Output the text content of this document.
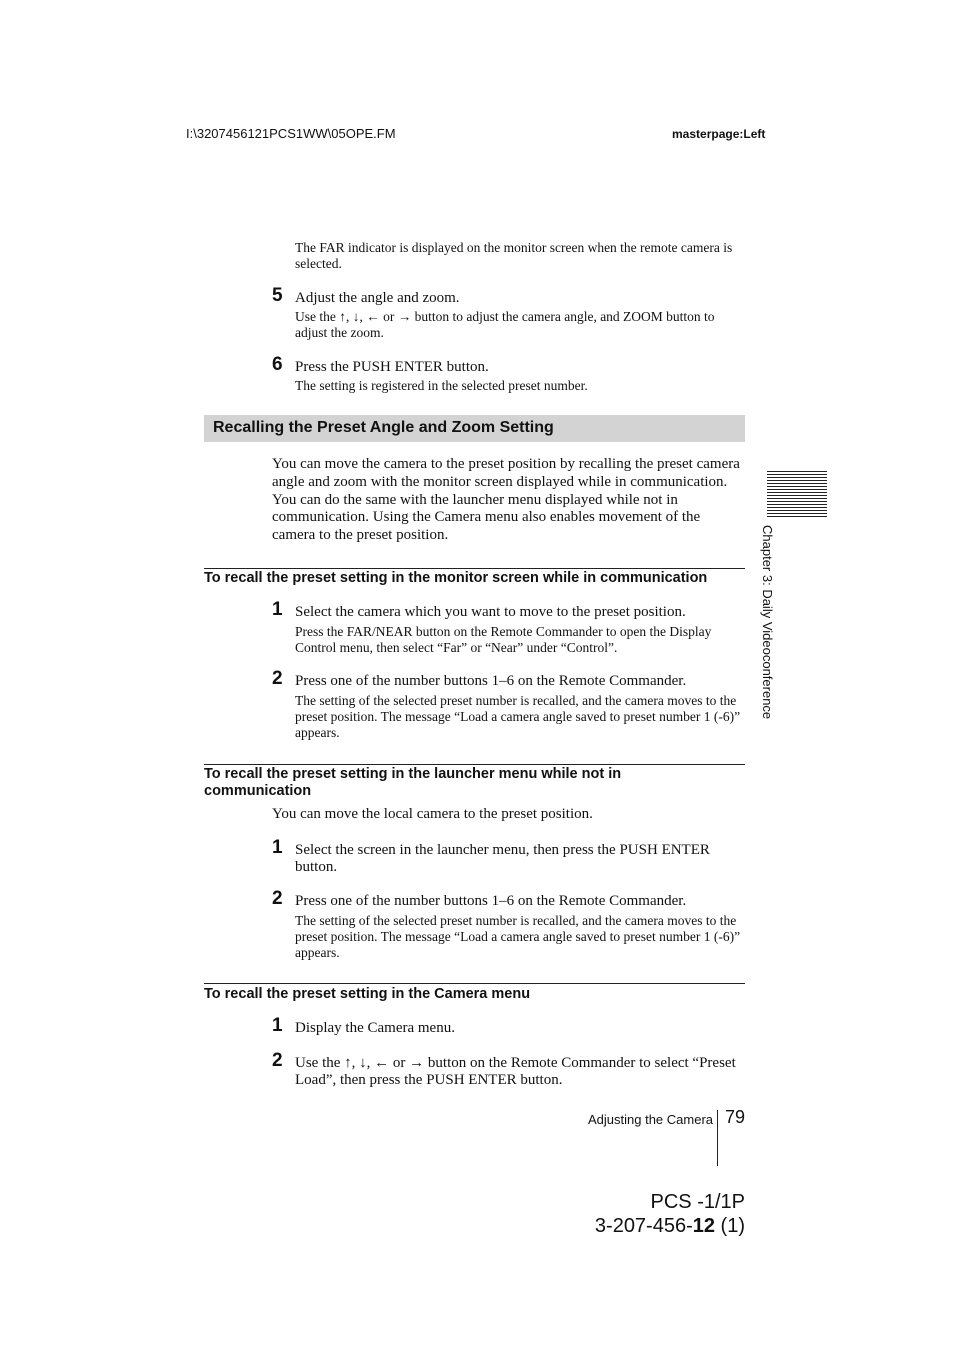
I:\3207456121PCS1WW\05OPE.FM	masterpage:Left
The FAR indicator is displayed on the monitor screen when the remote camera is selected.
5 Adjust the angle and zoom.
Use the ↑, ↓, ← or → button to adjust the camera angle, and ZOOM button to adjust the zoom.
6 Press the PUSH ENTER button.
The setting is registered in the selected preset number.
Recalling the Preset Angle and Zoom Setting
You can move the camera to the preset position by recalling the preset camera angle and zoom with the monitor screen displayed while in communication. You can do the same with the launcher menu displayed while not in communication. Using the Camera menu also enables movement of the camera to the preset position.
To recall the preset setting in the monitor screen while in communication
1 Select the camera which you want to move to the preset position.
Press the FAR/NEAR button on the Remote Commander to open the Display Control menu, then select “Far” or “Near” under “Control”.
2 Press one of the number buttons 1–6 on the Remote Commander.
The setting of the selected preset number is recalled, and the camera moves to the preset position. The message “Load a camera angle saved to preset number 1 (-6)” appears.
To recall the preset setting in the launcher menu while not in communication
You can move the local camera to the preset position.
1 Select the screen in the launcher menu, then press the PUSH ENTER button.
2 Press one of the number buttons 1–6 on the Remote Commander.
The setting of the selected preset number is recalled, and the camera moves to the preset position. The message “Load a camera angle saved to preset number 1 (-6)” appears.
To recall the preset setting in the Camera menu
1 Display the Camera menu.
2 Use the ↑, ↓, ← or → button on the Remote Commander to select “Preset Load”, then press the PUSH ENTER button.
Chapter 3: Daily Videoconference
Adjusting the Camera 79
PCS -1/1P
3-207-456-12 (1)
